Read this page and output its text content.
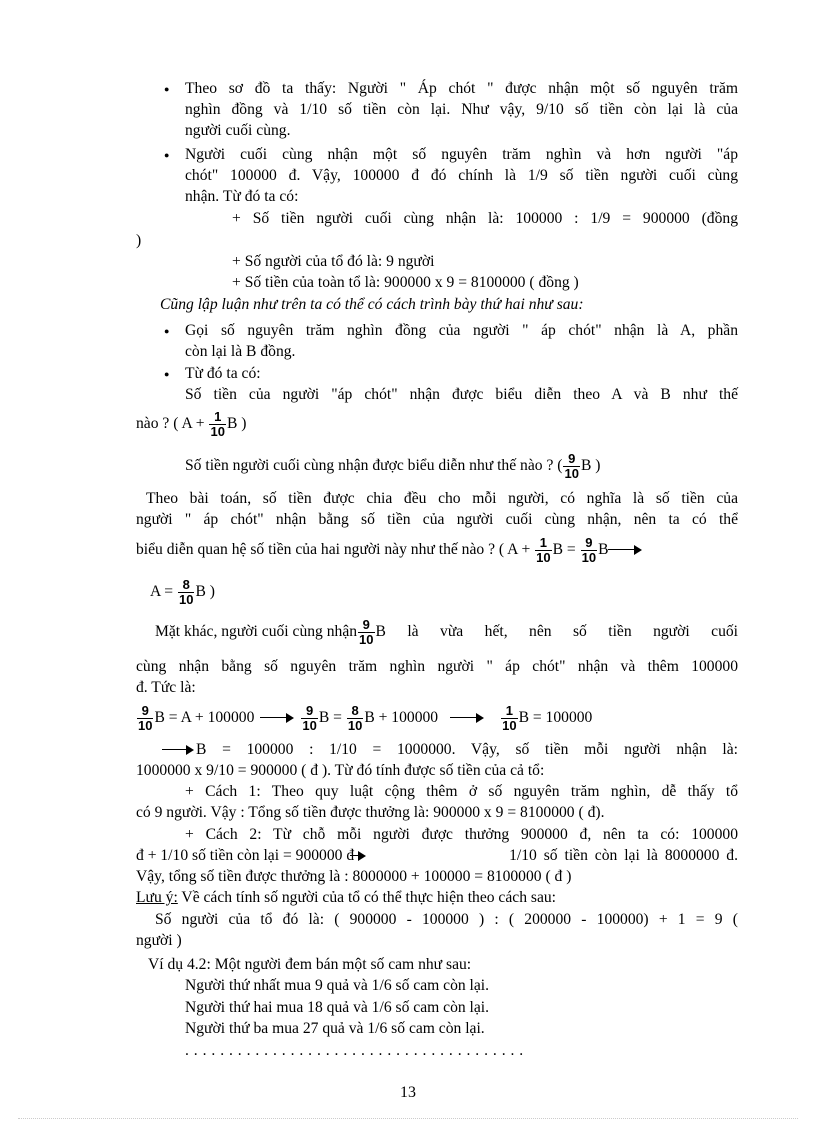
● Theo sơ đồ ta thấy: Người " Áp chót " được nhận một số nguyên trăm
nghìn đồng và 1/10 số tiền còn lại. Như vậy, 9/10 số tiền còn lại là của
người cuối cùng.
● Người cuối cùng nhận một số nguyên trăm nghìn và hơn người "áp
chót" 100000 đ. Vậy, 100000 đ đó chính là 1/9 số tiền người cuối cùng
nhận. Từ đó ta có:
+ Số tiền người cuối cùng nhận là: 100000 : 1/9 = 900000 (đồng
)
+ Số người của tổ đó là: 9 người
+ Số tiền của toàn tổ là: 900000 x 9 = 8100000 ( đồng )
Cũng lập luận như trên ta có thể có cách trình bày thứ hai như sau:
● Gọi số nguyên trăm nghìn đồng của người " áp chót" nhận là A, phần
còn lại là B đồng.
● Từ đó ta có:
Số tiền của người "áp chót" nhận được biểu diễn theo A và B như thế
nào ? ( $A + \frac{1}{10}$ B )
Số tiền người cuối cùng nhận được biểu diễn như thế nào ? ( $\frac{9}{10}$ B )
Theo bài toán, số tiền được chia đều cho mỗi người, có nghĩa là số tiền của
người " áp chót" nhận bằng số tiền của người cuối cùng nhận, nên ta có thể
biểu diễn quan hệ số tiền của hai người này như thế nào ? ( $A + \frac{1}{10}$ $B = \frac{9}{10}$ B
$A = \frac{8}{10}$ B )
Mặt khác, người cuối cùng nhận $\frac{9}{10}$ B là vừa hết, nên số tiền người cuối
cùng nhận bằng số nguyên trăm nghìn người " áp chót" nhận và thêm 100000
đ. Tức là:
$\frac{9}{10}$ B = A + 100000	$\frac{9}{10}$ $B = \frac{8}{10}$ B + 100000	$\frac{1}{10}$ B = 100000
B = 100000 : 1/10 = 1000000. Vậy, số tiền mỗi người nhận là:
1000000 x 9/10 = 900000 ( đ ). Từ đó tính được số tiền của cả tổ:
+ Cách 1: Theo quy luật cộng thêm ở số nguyên trăm nghìn, dễ thấy tổ
có 9 người. Vậy : Tổng số tiền được thưởng là: 900000 x 9 = 8100000 ( đ).
+ Cách 2: Từ chỗ mỗi người được thưởng 900000 đ, nên ta có: 100000
đ + 1/10 số tiền còn lại = 900000 đ	1/10 số tiền còn lại là 8000000 đ.
Vậy, tổng số tiền được thưởng là : 8000000 + 100000 = 8100000 ( đ )
Lưu ý: Về cách tính số người của tổ có thể thực hiện theo cách sau:
Số người của tổ đó là: ( 900000 - 100000 ) : ( 200000 - 100000) + 1 = 9 (
người )
Ví dụ 4.2: Một người đem bán một số cam như sau:
Người thứ nhất mua 9 quả và 1/6 số cam còn lại.
Người thứ hai mua 18 quả và 1/6 số cam còn lại.
Người thứ ba mua 27 quả và 1/6 số cam còn lại.
. . . . . . . . . . . . . . . . . . . . . . . . . . . . . . . . . . . . . . .
13
